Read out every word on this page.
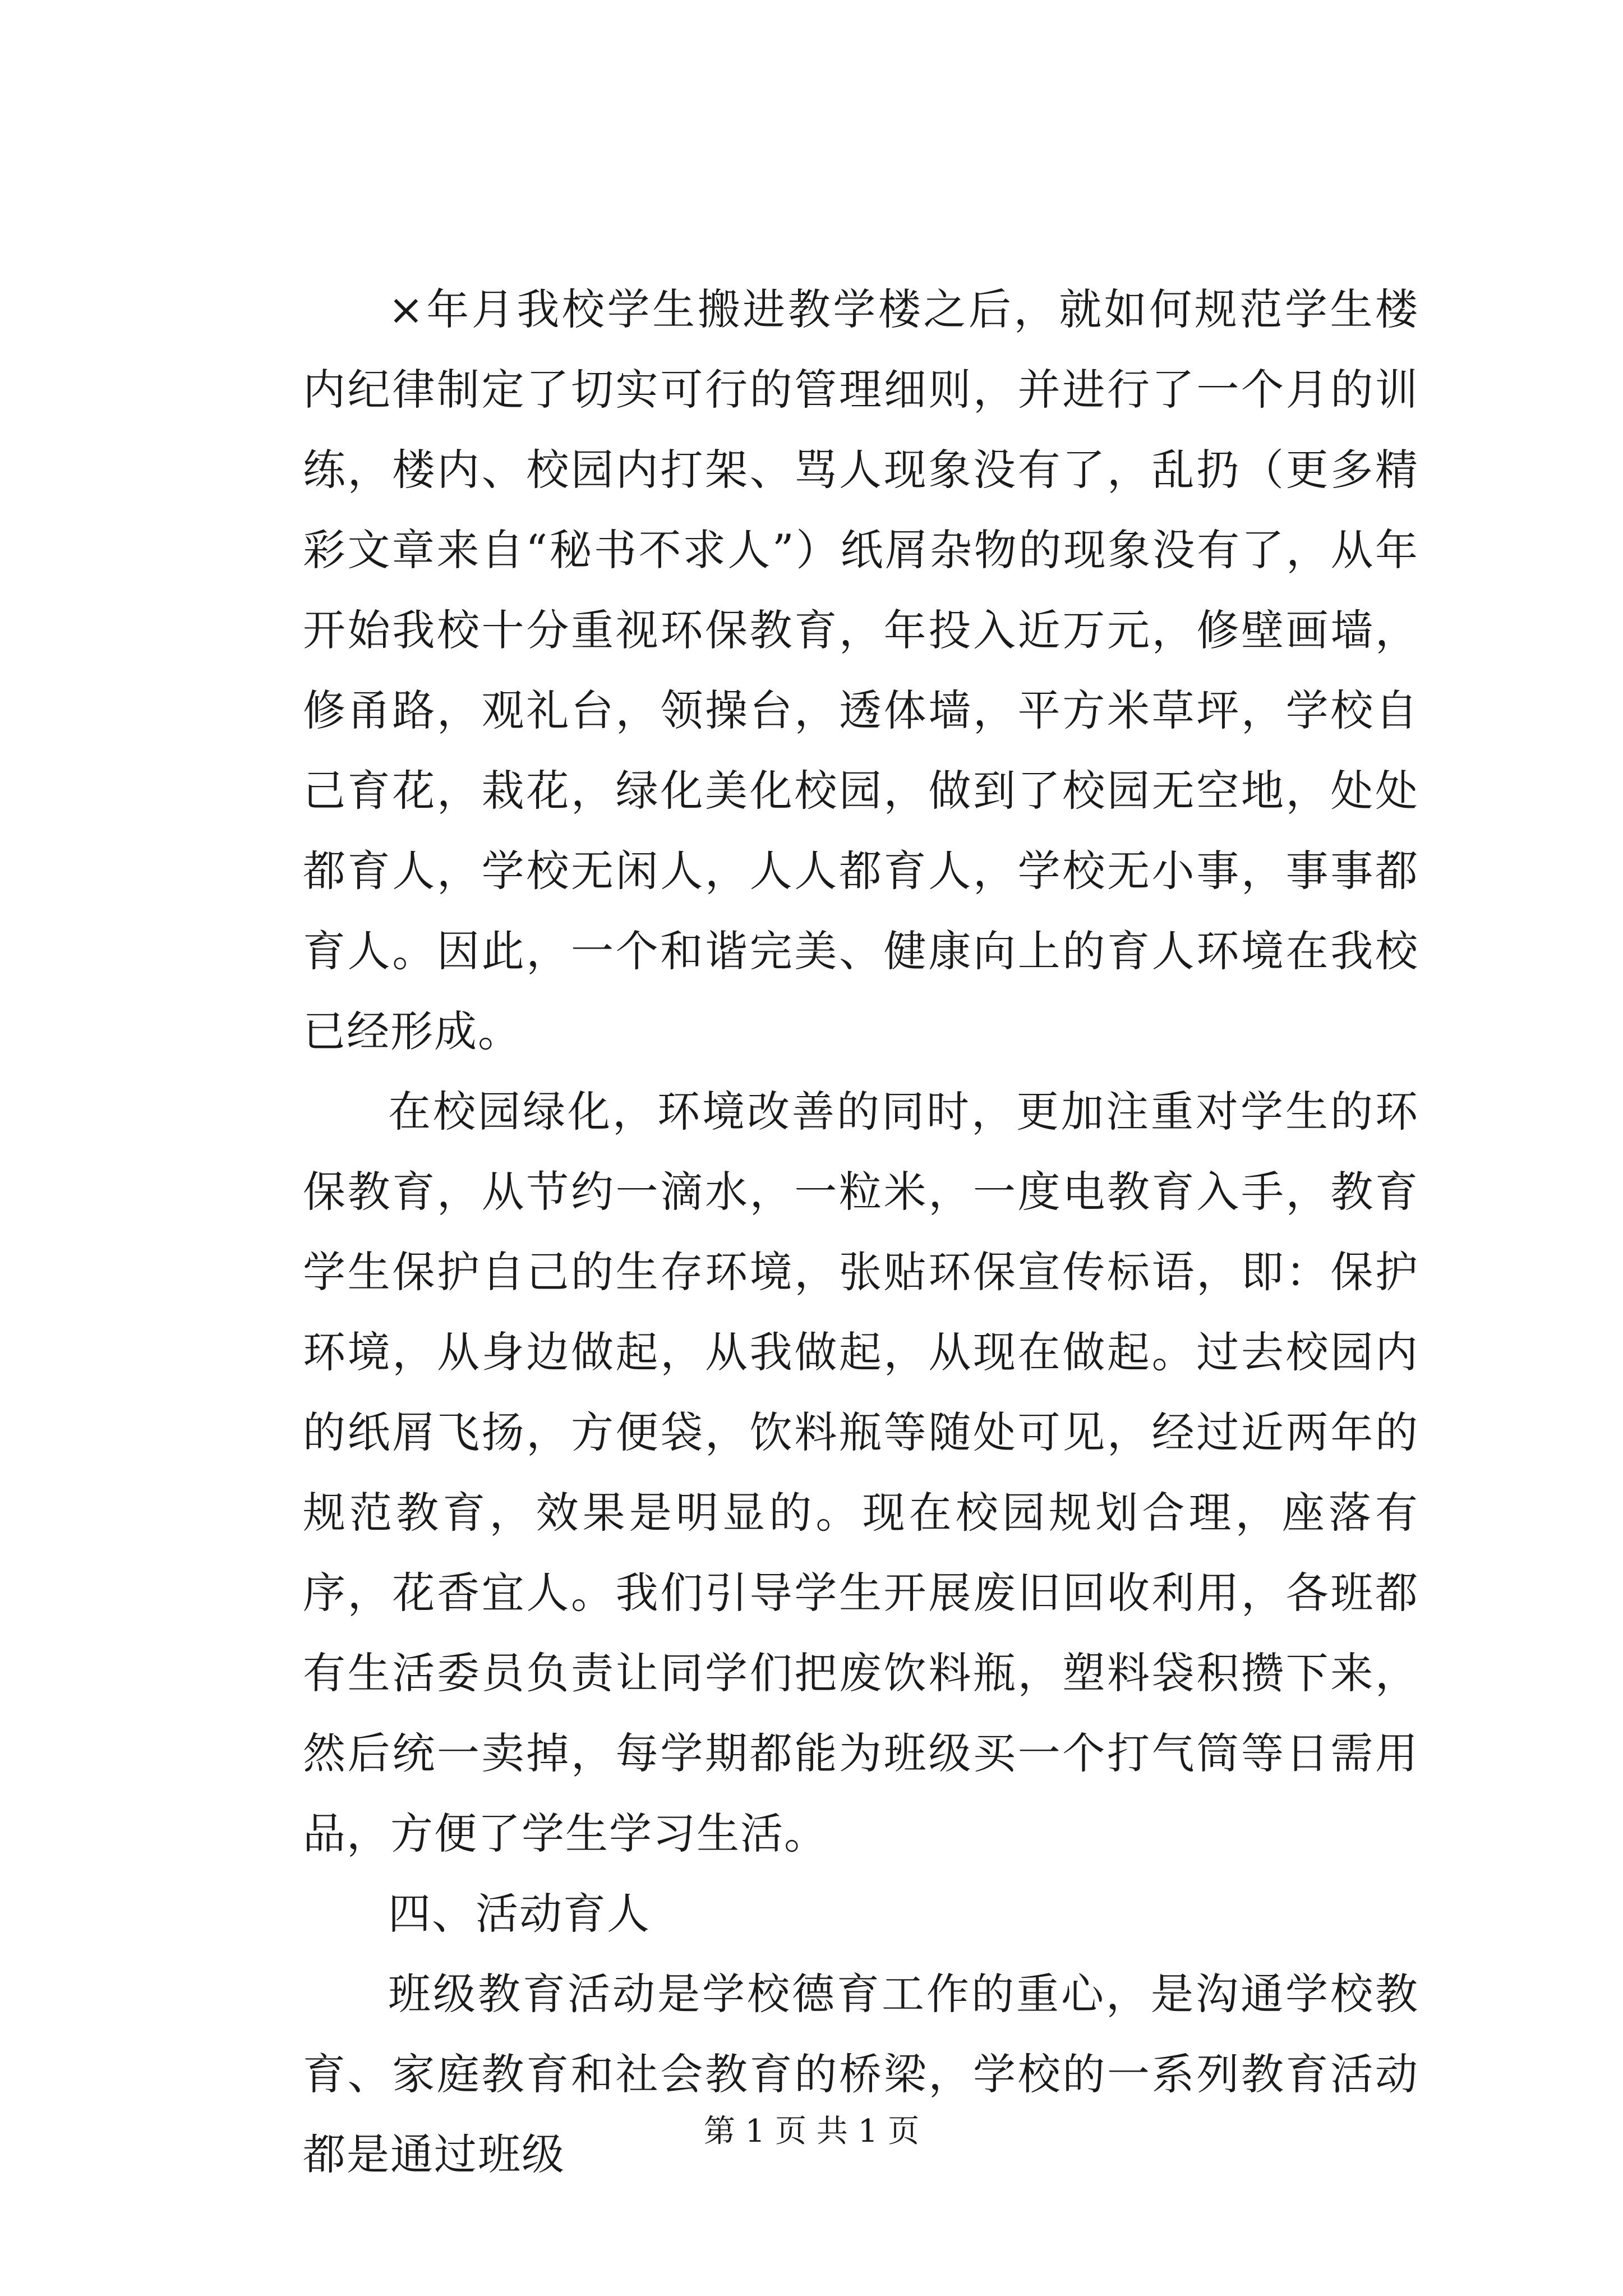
×年月我校学生搬进教学楼之后，就如何规范学生楼内纪律制定了切实可行的管理细则，并进行了一个月的训练，楼内、校园内打架、骂人现象没有了，乱扔（更多精彩文章来自“秘书不求人”）纸屑杂物的现象没有了，从年开始我校十分重视环保教育，年投入近万元，修壁画墙，修甬路，观礼台，领操台，透体墙，平方米草坪，学校自己育花，栽花，绿化美化校园，做到了校园无空地，处处都育人，学校无闲人，人人都育人，学校无小事，事事都育人。因此，一个和谐完美、健康向上的育人环境在我校已经形成。

在校园绿化，环境改善的同时，更加注重对学生的环保教育，从节约一滴水，一粒米，一度电教育入手，教育学生保护自己的生存环境，张贴环保宣传标语，即：保护环境，从身边做起，从我做起，从现在做起。过去校园内的纸屑飞扬，方便袋，饮料瓶等随处可见，经过近两年的规范教育，效果是明显的。现在校园规划合理，座落有序，花香宜人。我们引导学生开展废旧回收利用，各班都有生活委员负责让同学们把废饮料瓶，塑料袋积攒下来，然后统一卖掉，每学期都能为班级买一个打气筒等日需用品，方便了学生学习生活。

四、活动育人

班级教育活动是学校德育工作的重心，是沟通学校教育、家庭教育和社会教育的桥梁，学校的一系列教育活动都是通过班级	第 1 页 共 1 页
